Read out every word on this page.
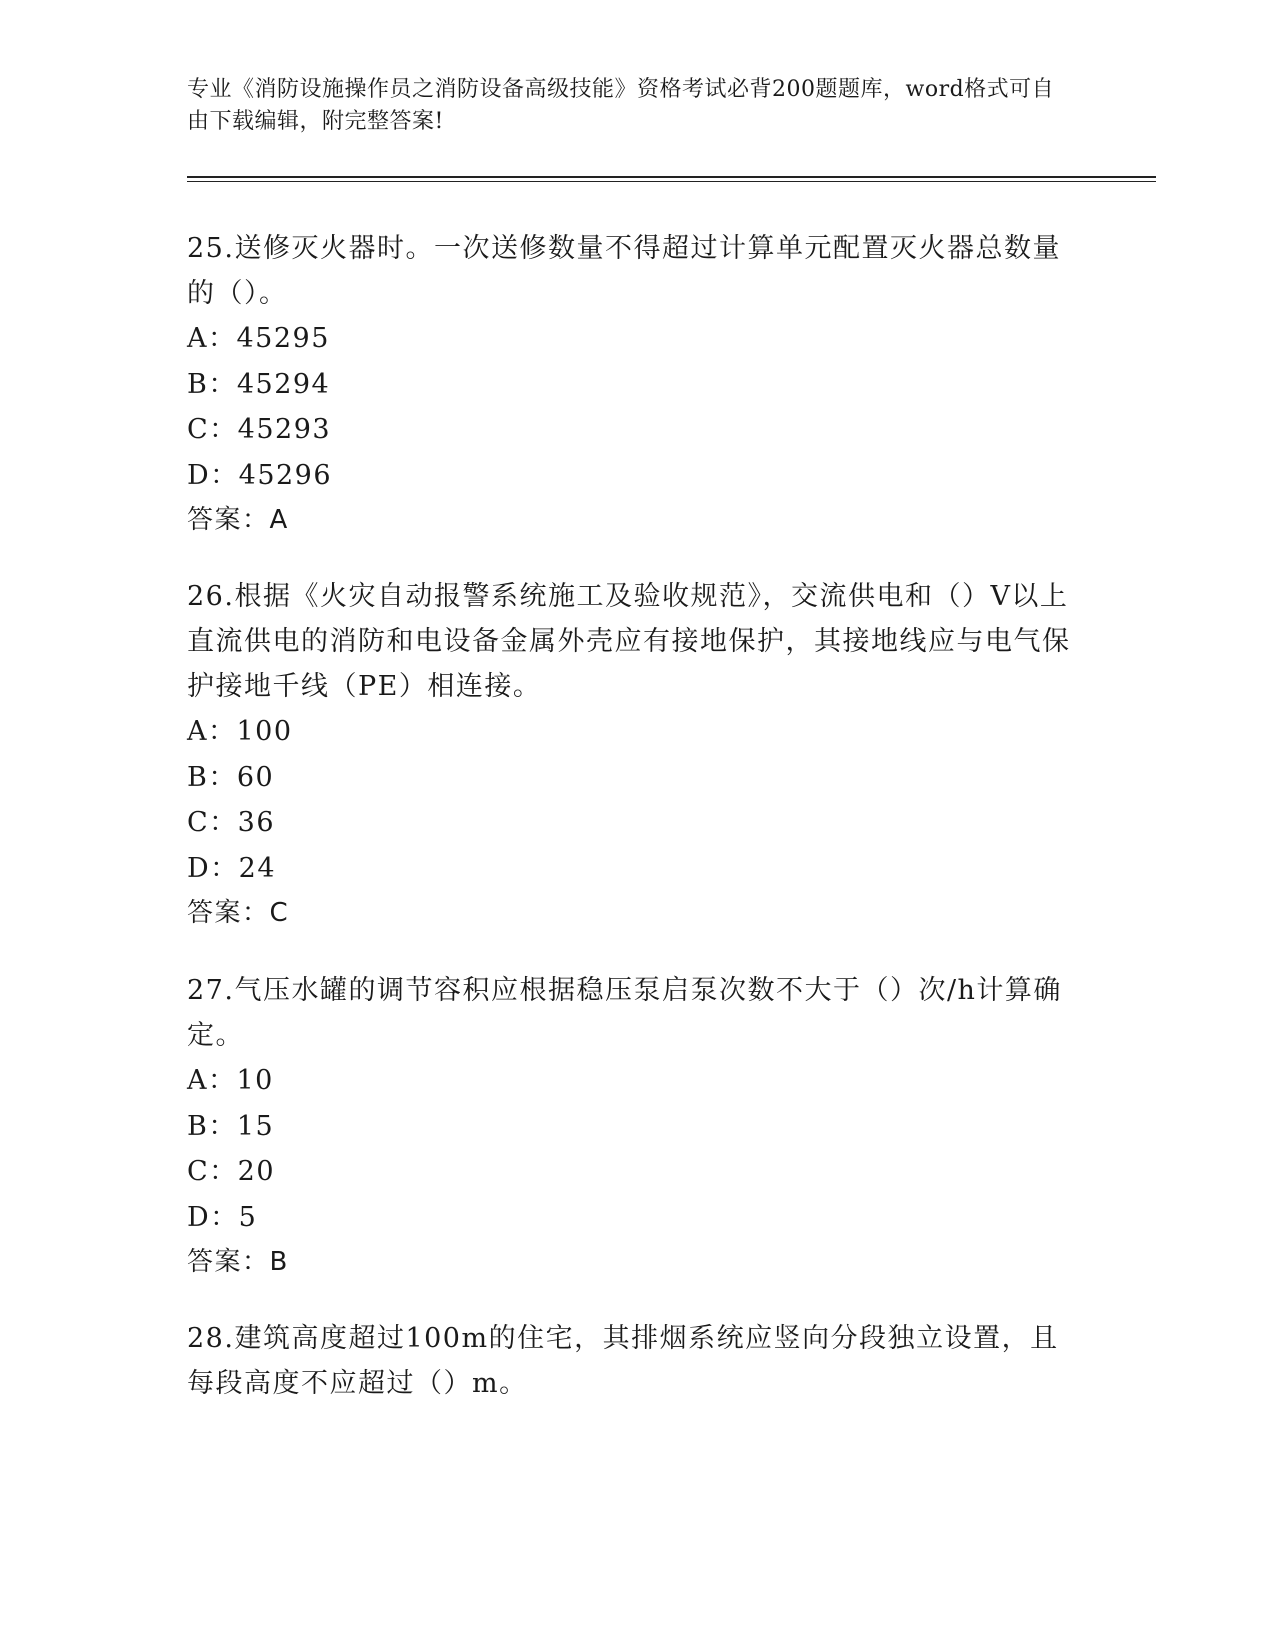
专业《消防设施操作员之消防设备高级技能》资格考试必背200题题库，word格式可自由下载编辑，附完整答案!
25.送修灭火器时。一次送修数量不得超过计算单元配置灭火器总数量的（）。
A：45295
B：45294
C：45293
D：45296
答案：A
26.根据《火灾自动报警系统施工及验收规范》，交流供电和（）V以上直流供电的消防和电设备金属外壳应有接地保护，其接地线应与电气保护接地千线（PE）相连接。
A：100
B：60
C：36
D：24
答案：C
27.气压水罐的调节容积应根据稳压泵启泵次数不大于（）次/h计算确定。
A：10
B：15
C：20
D：5
答案：B
28.建筑高度超过100m的住宅，其排烟系统应竖向分段独立设置，且每段高度不应超过（）m。
